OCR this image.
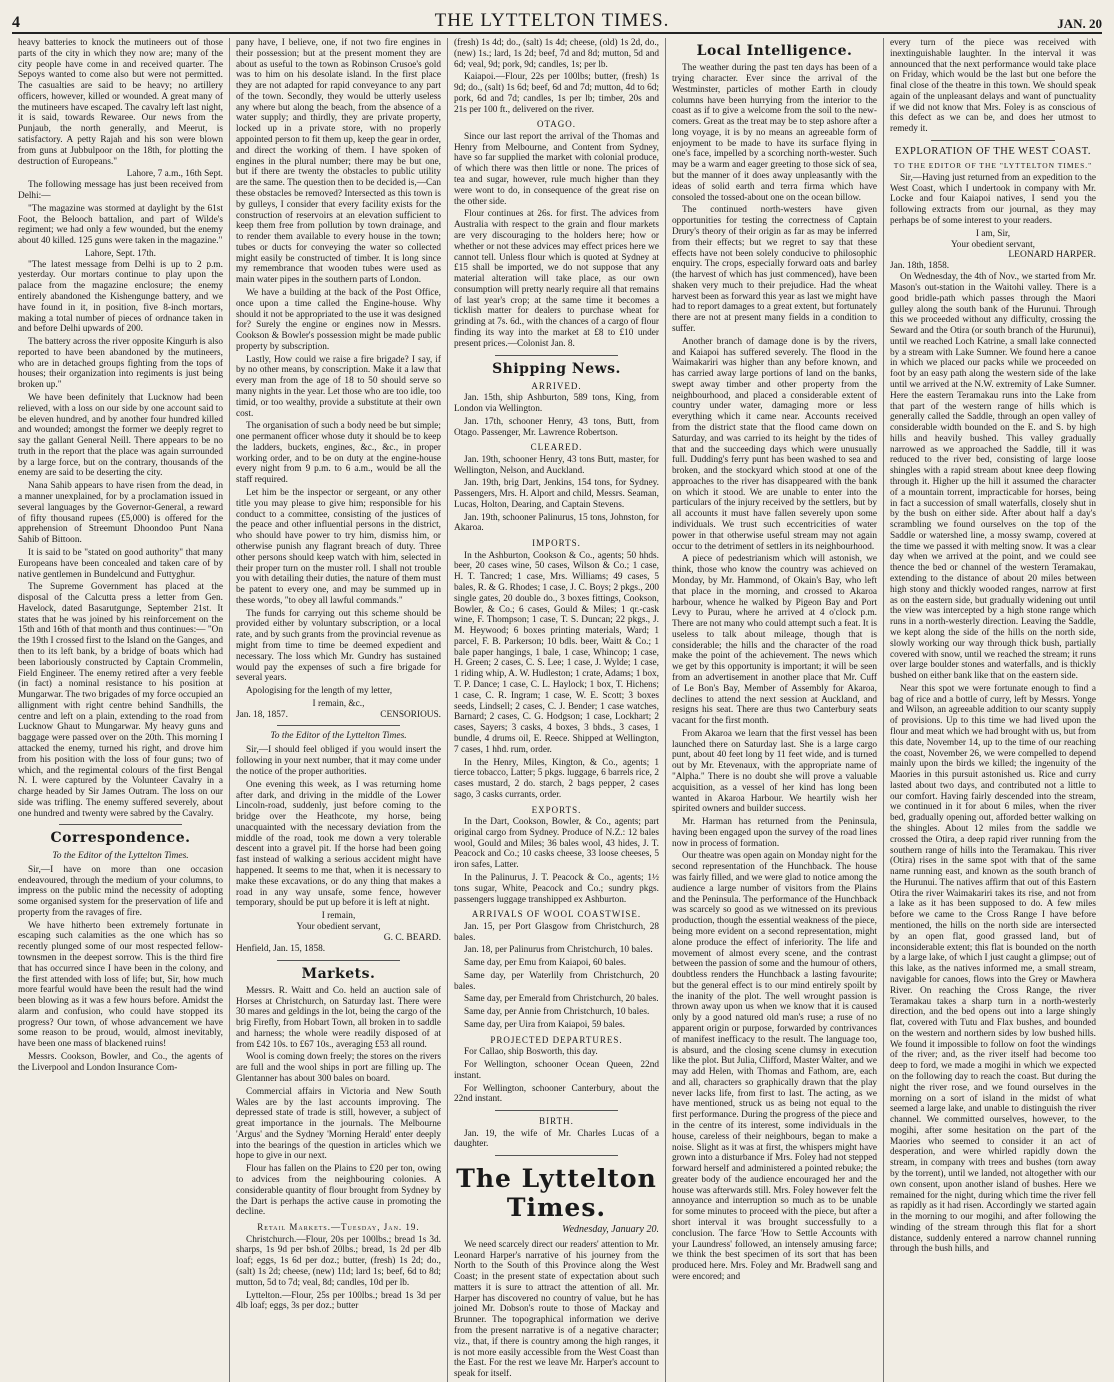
4	THE LYTTELTON TIMES.	JAN. 20

heavy batteries to knock the mutineers out of those parts of the city in which they now are; many of the city people have come in and received quarter. The Sepoys wanted to come also but were not permitted. The casualties are said to be heavy; no artillery officers, however, killed or wounded. A great many of the mutineers have escaped. The cavalry left last night, it is said, towards Rewaree. Our news from the Punjaub, the north generally, and Meerut, is satisfactory. A petty Rajah and his son were blown from guns at Jubbulpoor on the 18th, for plotting the destruction of Europeans."

Lahore, 7 a.m., 16th Sept.

The following message has just been received from Delhi:—

"The magazine was stormed at daylight by the 61st Foot, the Belooch battalion, and part of Wilde's regiment; we had only a few wounded, but the enemy about 40 killed. 125 guns were taken in the magazine."

Lahore, Sept. 17th.

"The latest message from Delhi is up to 2 p.m. yesterday. Our mortars continue to play upon the palace from the magazine enclosure; the enemy entirely abandoned the Kishengunge battery, and we have found in it, in position, five 8-inch mortars, making a total number of pieces of ordnance taken in and before Delhi upwards of 200.

The battery across the river opposite Kingurh is also reported to have been abandoned by the mutineers, who are in detached groups fighting from the tops of houses; their organization into regiments is just being broken up."

We have been definitely that Lucknow had been relieved, with a loss on our side by one account said to be eleven hundred, and by another four hundred killed and wounded; amongst the former we deeply regret to say the gallant General Neill. There appears to be no truth in the report that the place was again surrounded by a large force, but on the contrary, thousands of the enemy are said to be deserting the city.

Nana Sahib appears to have risen from the dead, in a manner unexplained, for by a proclamation issued in several languages by the Governor-General, a reward of fifty thousand rupees (£5,000) is offered for the apprehension of Streemunt Dhoondoo Punt Nana Sahib of Bittoon.

It is said to be "stated on good authority" that many Europeans have been concealed and taken care of by native gentlemen in Bundelcund and Futtyghur.

The Supreme Government has placed at the disposal of the Calcutta press a letter from Gen. Havelock, dated Basarutgunge, September 21st. It states that he was joined by his reinforcement on the 15th and 16th of that month and thus continues:— "On the 19th I crossed first to the Island on the Ganges, and then to its left bank, by a bridge of boats which had been laboriously constructed by Captain Crommelin, Field Engineer. The enemy retired after a very feeble (in fact) a nominal resistance to his position at Mungarwar. The two brigades of my force occupied an allignment with right centre behind Sandhills, the centre and left on a plain, extending to the road from Lucknow Ghaut to Mungarwar. My heavy guns and baggage were passed over on the 20th. This morning I attacked the enemy, turned his right, and drove him from his position with the loss of four guns; two of which, and the regimental colours of the first Bengal N. I. were captured by the Volunteer Cavalry in a charge headed by Sir James Outram. The loss on our side was trifling. The enemy suffered severely, about one hundred and twenty were sabred by the Cavalry.

Correspondence.
To the Editor of the Lyttelton Times.

Sir,—I have on more than one occasion endeavoured, through the medium of your columns, to impress on the public mind the necessity of adopting some organised system for the preservation of life and property from the ravages of fire.

We have hitherto been extremely fortunate in escaping such calamities as the one which has so recently plunged some of our most respected fellow-townsmen in the deepest sorrow. This is the third fire that has occurred since I have been in the colony, and the first attended with loss of life; but, Sir, how much more fearful would have been the result had the wind been blowing as it was a few hours before. Amidst the alarm and confusion, who could have stopped its progress? Our town, of whose advancement we have some reason to be proud, would, almost inevitably, have been one mass of blackened ruins!

Messrs. Cookson, Bowler, and Co., the agents of the Liverpool and London Insurance Com-

pany have, I believe, one, if not two fire engines in their possession; but at the present moment they are about as useful to the town as Robinson Crusoe's gold was to him on his desolate island. In the first place they are not adapted for rapid conveyance to any part of the town. Secondly, they would be utterly useless any where but along the beach, from the absence of a water supply; and thirdly, they are private property, locked up in a private store, with no properly appointed person to fit them up, keep the gear in order, and direct the working of them. I have spoken of engines in the plural number; there may be but one, but if there are twenty the obstacles to public utility are the same. The question then to be decided is,—Can these obstacles be removed? Intersected as this town is by gulleys, I consider that every facility exists for the construction of reservoirs at an elevation sufficient to keep them free from pollution by town drainage, and to render them available to every house in the town; tubes or ducts for conveying the water so collected might easily be constructed of timber. It is long since my remembrance that wooden tubes were used as main water pipes in the southern parts of London.

We have a building at the back of the Post Office, once upon a time called the Engine-house. Why should it not be appropriated to the use it was designed for? Surely the engine or engines now in Messrs. Cookson & Bowler's possession might be made public property by subscription.

Lastly, How could we raise a fire brigade? I say, if by no other means, by conscription. Make it a law that every man from the age of 18 to 50 should serve so many nights in the year. Let those who are too idle, too timid, or too wealthy, provide a substitute at their own cost.

The organisation of such a body need be but simple; one permanent officer whose duty it should be to keep the ladders, buckets, engines, &c., &c., in proper working order, and to be on duty at the engine-house every night from 9 p.m. to 6 a.m., would be all the staff required.

Let him be the inspector or sergeant, or any other title you may please to give him; responsible for his conduct to a committee, consisting of the justices of the peace and other influential persons in the district, who should have power to try him, dismiss him, or otherwise punish any flagrant breach of duty. Three other persons should keep watch with him, selected in their proper turn on the muster roll. I shall not trouble you with detailing their duties, the nature of them must be patent to every one, and may be summed up in these words, "to obey all lawful commands."

The funds for carrying out this scheme should be provided either by voluntary subscription, or a local rate, and by such grants from the provincial revenue as might from time to time be deemed expedient and necessary. The loss which Mr. Gundry has sustained would pay the expenses of such a fire brigade for several years.

Apologising for the length of my letter,

I remain, &c.,
Jan. 18, 1857.	CENSORIOUS.
To the Editor of the Lyttelton Times.

Sir,—I should feel obliged if you would insert the following in your next number, that it may come under the notice of the proper authorities.

One evening this week, as I was returning home after dark, and driving in the middle of the Lower Lincoln-road, suddenly, just before coming to the bridge over the Heathcote, my horse, being unacquainted with the necessary deviation from the middle of the road, took me down a very tolerable descent into a gravel pit. If the horse had been going fast instead of walking a serious accident might have happened. It seems to me that, when it is necessary to make these excavations, or do any thing that makes a road in any way unsafe, some fence, however temporary, should be put up before it is left at night.

I remain,
Your obedient servant,
G. C. BEARD.
Henfield, Jan. 15, 1858.
Markets.

Messrs. R. Waitt and Co. held an auction sale of Horses at Christchurch, on Saturday last. There were 30 mares and geldings in the lot, being the cargo of the brig Firefly, from Hobart Town, all broken in to saddle and harness; the whole were readily disposed of at from £42 10s. to £67 10s., averaging £53 all round.

Wool is coming down freely; the stores on the rivers are full and the wool ships in port are filling up. The Glentanner has about 300 bales on board.

Commercial affairs in Victoria and New South Wales are by the last accounts improving. The depressed state of trade is still, however, a subject of great importance in the journals. The Melbourne 'Argus' and the Sydney 'Morning Herald' enter deeply into the bearings of the question in articles which we hope to give in our next.

Flour has fallen on the Plains to £20 per ton, owing to advices from the neighbouring colonies. A considerable quantity of flour brought from Sydney by the Dart is perhaps the active cause in promoting the decline.

Retail Markets.—Tuesday, Jan. 19.

Christchurch.—Flour, 20s per 100lbs.; bread 1s 3d. sharps, 1s 9d per bsh.of 20lbs.; bread, 1s 2d per 4lb loaf; eggs, 1s 6d per doz.; butter, (fresh) 1s 2d; do., (salt) 1s 2d; cheese, (new) 11d; lard 1s; beef, 6d to 8d; mutton, 5d to 7d; veal, 8d; candles, 10d per lb.

Lyttelton.—Flour, 25s per 100lbs.; bread 1s 3d per 4lb loaf; eggs, 3s per doz.; butter

(fresh) 1s 4d; do., (salt) 1s 4d; cheese, (old) 1s 2d, do., (new) 1s.; lard, 1s 2d; beef, 7d and 8d; mutton, 5d and 6d; veal, 9d; pork, 9d; candles, 1s; per lb.

Kaiapoi.—Flour, 22s per 100lbs; butter, (fresh) 1s 9d; do., (salt) 1s 6d; beef, 6d and 7d; mutton, 4d to 6d; pork, 6d and 7d; candles, 1s per lb; timber, 20s and 21s per 100 ft., delivered on the river.

OTAGO.

Since our last report the arrival of the Thomas and Henry from Melbourne, and Content from Sydney, have so far supplied the market with colonial produce, of which there was then little or none. The prices of tea and sugar, however, rule much higher than they were wont to do, in consequence of the great rise on the other side.

Flour continues at 26s. for first. The advices from Australia with respect to the grain and flour markets are very discouraging to the holders here; how or whether or not these advices may effect prices here we cannot tell. Unless flour which is quoted at Sydney at £15 shall be imported, we do not suppose that any material alteration will take place, as our own consumption will pretty nearly require all that remains of last year's crop; at the same time it becomes a ticklish matter for dealers to purchase wheat for grinding at 7s. 6d., with the chances of a cargo of flour finding its way into the market at £8 to £10 under present prices.—Colonist Jan. 8.

Shipping News.
ARRIVED.

Jan. 15th, ship Ashburton, 589 tons, King, from London via Wellington.

Jan. 17th, schooner Henry, 43 tons, Butt, from Otago. Passenger, Mr. Lawrence Robertson.

CLEARED.

Jan. 19th, schooner Henry, 43 tons Butt, master, for Wellington, Nelson, and Auckland.

Jan. 19th, brig Dart, Jenkins, 154 tons, for Sydney. Passengers, Mrs. H. Alport and child, Messrs. Seaman, Lucas, Holton, Dearing, and Captain Stevens.

Jan. 19th, schooner Palinurus, 15 tons, Johnston, for Akaroa.

IMPORTS.

In the Ashburton, Cookson & Co., agents; 50 hhds. beer, 20 cases wine, 50 cases, Wilson & Co.; 1 case, H. T. Tancred; 1 case, Mrs. Williams; 49 cases, 5 bales, R. & G. Rhodes; 1 case, J. C. Boys; 2 pkgs., 200 single gates, 20 double do., 3 boxes fittings, Cookson, Bowler, & Co.; 6 cases, Gould & Miles; 1 qr.-cask wine, F. Thompson; 1 case, T. S. Duncan; 22 pkgs., J. M. Heywood; 6 boxes printing materials, Ward; 1 parcel, F. B. Parkerson; 10 bdls. beer, Waitt & Co.; 1 bale paper hangings, 1 bale, 1 case, Whincop; 1 case, H. Green; 2 cases, C. S. Lee; 1 case, J. Wylde; 1 case, 1 riding whip, A. W. Hudleston; 1 crate, Adams; 1 box, T. P. Dance; 1 case, C. L. Haylock; 1 box, T. Hichens; 1 case, C. R. Ingram; 1 case, W. E. Scott; 3 boxes seeds, Lindsell; 2 cases, C. J. Bender; 1 case watches, Barnard; 2 cases, C. G. Hodgson; 1 case, Lockhart; 2 cases, Sayers; 3 casks, 4 boxes, 3 bhds., 3 cases, 1 bundle, 4 drums oil, E. Reece. Shipped at Wellington, 7 cases, 1 hhd. rum, order.

In the Henry, Miles, Kington, & Co., agents; 1 tierce tobacco, Latter; 5 pkgs. luggage, 6 barrels rice, 2 cases mustard, 2 do. starch, 2 bags pepper, 2 cases sago, 3 casks currants, order.

EXPORTS.

In the Dart, Cookson, Bowler, & Co., agents; part original cargo from Sydney. Produce of N.Z.: 12 bales wool, Gould and Miles; 36 bales wool, 43 hides, J. T. Peacock and Co.; 10 casks cheese, 33 loose cheeses, 5 iron safes, Latter.

In the Palinurus, J. T. Peacock & Co., agents; 1½ tons sugar, White, Peacock and Co.; sundry pkgs. passengers luggage transhipped ex Ashburton.

ARRIVALS OF WOOL COASTWISE.

Jan. 15, per Port Glasgow from Christchurch, 28 bales.

Jan. 18, per Palinurus from Christchurch, 10 bales.

Same day, per Emu from Kaiapoi, 60 bales.

Same day, per Waterlily from Christchurch, 20 bales.

Same day, per Emerald from Christchurch, 20 bales.

Same day, per Annie from Christchurch, 10 bales.

Same day, per Uira from Kaiapoi, 59 bales.

PROJECTED DEPARTURES.

For Callao, ship Bosworth, this day.

For Wellington, schooner Ocean Queen, 22nd instant.

For Wellington, schooner Canterbury, about the 22nd instant.

BIRTH.

Jan. 19, the wife of Mr. Charles Lucas of a daughter.

The Lyttelton Times.
Wednesday, January 20.

We need scarcely direct our readers' attention to Mr. Leonard Harper's narrative of his journey from the North to the South of this Province along the West Coast; in the present state of expectation about such matters it is sure to attract the attention of all. Mr. Harper has discovered no country of value, but he has joined Mr. Dobson's route to those of Mackay and Brunner. The topographical information we derive from the present narrative is of a negative character; viz., that, if there is country among the high ranges, it is not more easily accessible from the West Coast than the East. For the rest we leave Mr. Harper's account to speak for itself.

Local Intelligence.

The weather during the past ten days has been of a trying character. Ever since the arrival of the Westminster, particles of mother Earth in cloudy columns have been hurrying from the interior to the coast as if to give a welcome from the soil to the new-comers. Great as the treat may be to step ashore after a long voyage, it is by no means an agreeable form of enjoyment to be made to have its surface flying in one's face, impelled by a scorching north-wester. Such may be a warm and eager greeting to those sick of sea, but the manner of it does away unpleasantly with the ideas of solid earth and terra firma which have consoled the tossed-about one on the ocean billow.

The continued north-westers have given opportunities for testing the correctness of Captain Drury's theory of their origin as far as may be inferred from their effects; but we regret to say that these effects have not been solely conducive to philosophic enquiry. The crops, especially forward oats and barley (the harvest of which has just commenced), have been shaken very much to their prejudice. Had the wheat harvest been as forward this year as last we might have had to report damages to a great extent, but fortunately there are not at present many fields in a condition to suffer.

Another branch of damage done is by the rivers, and Kaiapoi has suffered severely. The flood in the Waimakariri was higher than any before known, and has carried away large portions of land on the banks, swept away timber and other property from the neighbourhood, and placed a considerable extent of country under water, damaging more or less everything which it came near. Accounts received from the district state that the flood came down on Saturday, and was carried to its height by the tides of that and the succeeding days which were unusually full. Dudding's ferry punt has been washed to sea and broken, and the stockyard which stood at one of the approaches to the river has disappeared with the bank on which it stood. We are unable to enter into the particulars of the injury received by the settlers, but by all accounts it must have fallen severely upon some individuals. We trust such eccentricities of water power in that otherwise useful stream may not again occur to the detriment of settlers in its neighbourhood.

A piece of pedestrianism which will astonish, we think, those who know the country was achieved on Monday, by Mr. Hammond, of Okain's Bay, who left that place in the morning, and crossed to Akaroa harbour, whence he walked by Pigeon Bay and Port Levy to Purau, where he arrived at 4 o'clock p.m. There are not many who could attempt such a feat. It is useless to talk about mileage, though that is considerable; the hills and the character of the road make the point of the achievement. The news which we get by this opportunity is important; it will be seen from an advertisement in another place that Mr. Cuff of Le Bon's Bay, Member of Assembly for Akaroa, declines to attend the next session at Auckland, and resigns his seat. There are thus two Canterbury seats vacant for the first month.

From Akaroa we learn that the first vessel has been launched there on Saturday last. She is a large cargo punt, about 40 feet long by 11 feet wide, and is turned out by Mr. Etevenaux, with the appropriate name of "Alpha." There is no doubt she will prove a valuable acquisition, as a vessel of her kind has long been wanted in Akaroa Harbour. We heartily wish her spirited owners and builder success.

Mr. Harman has returned from the Peninsula, having been engaged upon the survey of the road lines now in process of formation.

Our theatre was open again on Monday night for the second representation of the Hunchback. The house was fairly filled, and we were glad to notice among the audience a large number of visitors from the Plains and the Peninsula. The performance of the Hunchback was scarcely so good as we witnessed on its previous production, though the essential weakness of the piece, being more evident on a second representation, might alone produce the effect of inferiority. The life and movement of almost every scene, and the contrast between the passion of some and the humour of others, doubtless renders the Hunchback a lasting favourite; but the general effect is to our mind entirely spoilt by the inanity of the plot. The well wrought passion is thrown away upon us when we know that it is caused only by a good natured old man's ruse; a ruse of no apparent origin or purpose, forwarded by contrivances of manifest inefficacy to the result. The language too, is absurd, and the closing scene clumsy in execution like the plot. But Julia, Clifford, Master Walter, and we may add Helen, with Thomas and Fathom, are, each and all, characters so graphically drawn that the play never lacks life, from first to last. The acting, as we have mentioned, struck us as being not equal to the first performance. During the progress of the piece and in the centre of its interest, some individuals in the house, careless of their neighbours, began to make a noise. Slight as it was at first, the whispers might have grown into a disturbance if Mrs. Foley had not stepped forward herself and administered a pointed rebuke; the greater body of the audience encouraged her and the house was afterwards still. Mrs. Foley however felt the annoyance and interruption so much as to be unable for some minutes to proceed with the piece, but after a short interval it was brought successfully to a conclusion. The farce 'How to Settle Accounts with your Laundress' followed, an intensely amusing farce; we think the best specimen of its sort that has been produced here. Mrs. Foley and Mr. Bradwell sang and were encored; and

every turn of the piece was received with inextinguishable laughter. In the interval it was announced that the next performance would take place on Friday, which would be the last but one before the final close of the theatre in this town. We should speak again of the unpleasant delays and want of punctuality if we did not know that Mrs. Foley is as conscious of this defect as we can be, and does her utmost to remedy it.

EXPLORATION OF THE WEST COAST.
TO THE EDITOR OF THE "LYTTELTON TIMES."

Sir,—Having just returned from an expedition to the West Coast, which I undertook in company with Mr. Locke and four Kaiapoi natives, I send you the following extracts from our journal, as they may perhaps be of some interest to your readers.

I am, Sir,
Your obedient servant,
LEONARD HARPER.
Jan. 18th, 1858.

On Wednesday, the 4th of Nov., we started from Mr. Mason's out-station in the Waitohi valley. There is a good bridle-path which passes through the Maori gulley along the south bank of the Hurunui. Through this we proceeded without any difficulty, crossing the Seward and the Otira (or south branch of the Hurunui), until we reached Loch Katrine, a small lake connected by a stream with Lake Sumner. We found here a canoe in which we placed our packs while we proceeded on foot by an easy path along the western side of the lake until we arrived at the N.W. extremity of Lake Sumner. Here the eastern Teramakau runs into the Lake from that part of the western range of hills which is generally called the Saddle, through an open valley of considerable width bounded on the E. and S. by high hills and heavily bushed. This valley gradually narrowed as we approached the Saddle, till it was reduced to the river bed, consisting of large loose shingles with a rapid stream about knee deep flowing through it. Higher up the hill it assumed the character of a mountain torrent, impracticable for horses, being in fact a succession of small waterfalls, closely shut in by the bush on either side. After about half a day's scrambling we found ourselves on the top of the Saddle or watershed line, a mossy swamp, covered at the time we passed it with melting snow. It was a clear day when we arrived at the point, and we could see thence the bed or channel of the western Teramakau, extending to the distance of about 20 miles between high stony and thickly wooded ranges, narrow at first as on the eastern side, but gradually widening out until the view was intercepted by a high stone range which runs in a north-westerly direction. Leaving the Saddle, we kept along the side of the hills on the north side, slowly working our way through thick bush, partially covered with snow, until we reached the stream; it runs over large boulder stones and waterfalls, and is thickly bushed on either bank like that on the eastern side.

Near this spot we were fortunate enough to find a bag of rice and a bottle of curry, left by Messrs. Yonge and Wilson, an agreeable addition to our scanty supply of provisions. Up to this time we had lived upon the flour and meat which we had brought with us, but from this date, November 14, up to the time of our reaching the coast, November 26, we were compelled to depend mainly upon the birds we killed; the ingenuity of the Maories in this pursuit astonished us. Rice and curry lasted about two days, and contributed not a little to our comfort. Having fairly descended into the stream, we continued in it for about 6 miles, when the river bed, gradually opening out, afforded better walking on the shingles. About 12 miles from the saddle we crossed the Otira, a deep rapid river running from the southern range of hills into the Teramakau. This river (Otira) rises in the same spot with that of the same name running east, and known as the south branch of the Hurunui. The natives affirm that out of this Eastern Otira the river Waimakariri takes its rise, and not from a lake as it has been supposed to do. A few miles before we came to the Cross Range I have before mentioned, the hills on the north side are intersected by an open flat, good grassed land, but of inconsiderable extent; this flat is bounded on the north by a large lake, of which I just caught a glimpse; out of this lake, as the natives informed me, a small stream, navigable for canoes, flows into the Grey or Mawhera River. On reaching the Cross Range, the river Teramakau takes a sharp turn in a north-westerly direction, and the bed opens out into a large shingly flat, covered with Tutu and Flax bushes, and bounded on the western and northern sides by low bushed hills. We found it impossible to follow on foot the windings of the river; and, as the river itself had become too deep to ford, we made a mogihi in which we expected on the following day to reach the coast. But during the night the river rose, and we found ourselves in the morning on a sort of island in the midst of what seemed a large lake, and unable to distinguish the river channel. We committed ourselves, however, to the mogihi, after some hesitation on the part of the Maories who seemed to consider it an act of desperation, and were whirled rapidly down the stream, in company with trees and bushes (torn away by the torrent), until we landed, not altogether with our own consent, upon another island of bushes. Here we remained for the night, during which time the river fell as rapidly as it had risen. Accordingly we started again in the morning to our mogihi, and after following the winding of the stream through this flat for a short distance, suddenly entered a narrow channel running through the bush hills, and
